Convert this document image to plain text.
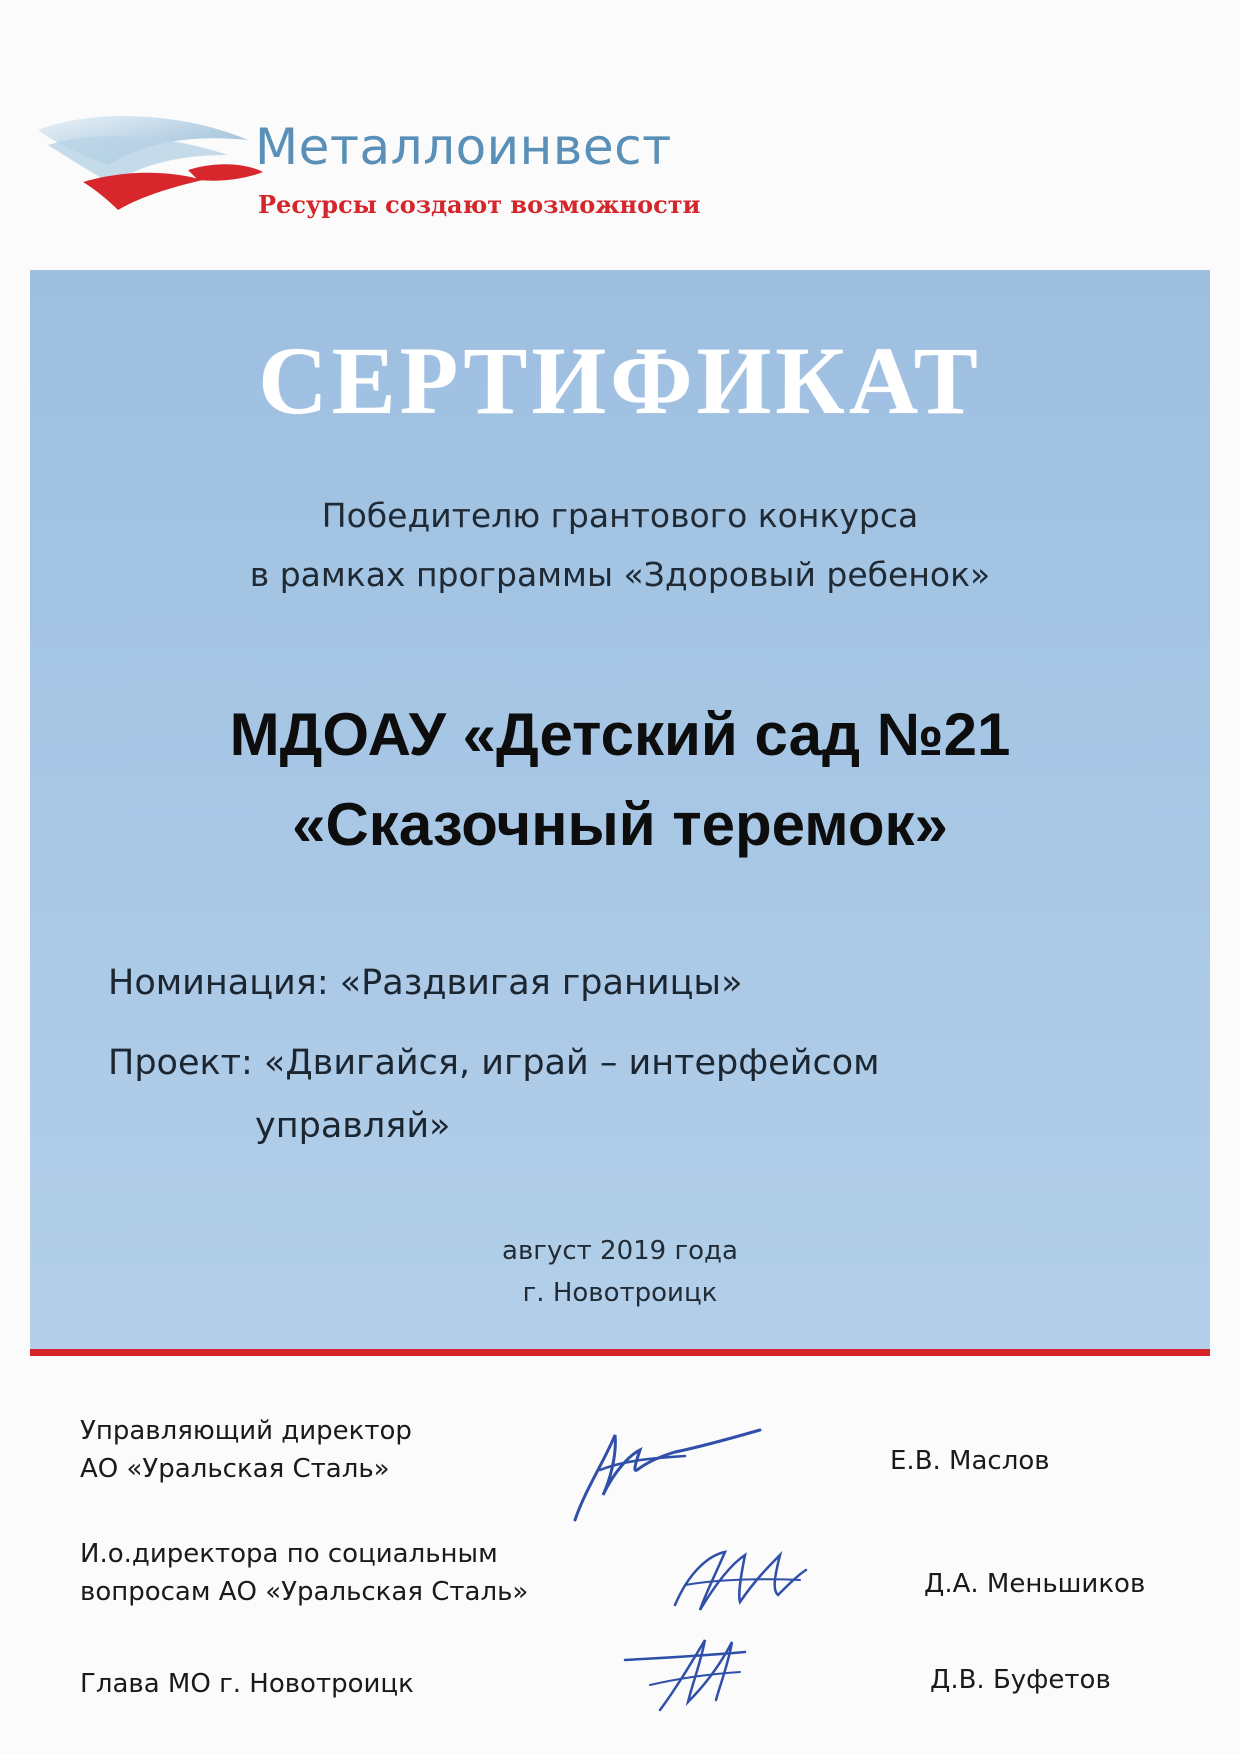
Металлоинвест
Ресурсы создают возможности
СЕРТИФИКАТ
Победителю грантового конкурса
в рамках программы «Здоровый ребенок»
МДОАУ «Детский сад №21
«Сказочный теремок»
Номинация: «Раздвигая границы»
Проект: «Двигайся, играй – интерфейсом
управляй»
август 2019 года
г. Новотроицк
Управляющий директор
АО «Уральская Сталь»	Е.В. Маслов
И.о.директора по социальным
вопросам АО «Уральская Сталь»	Д.А. Меньшиков
Глава МО г. Новотроицк	Д.В. Буфетов
